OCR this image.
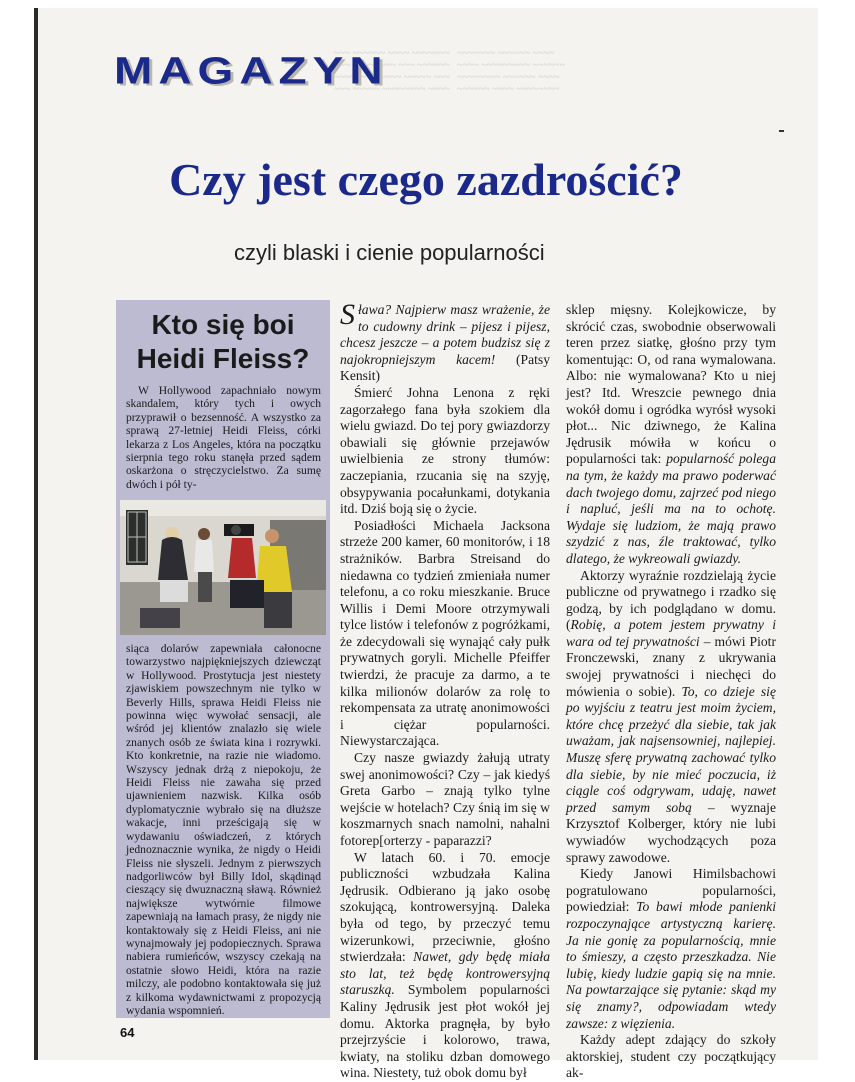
~~~ ~~~~~~ ~~~~ ~~~~~~~   ~~~~~~~ ~~~~~~ ~~~~
~~~ ~~~~~~~~ ~~~ ~~~~~~   ~~~~ ~~~~~~~~~ ~~~~~~
~~~~~~ ~~~~~~ ~~~~~ ~~~   ~~~~~~~~ ~~~~~~ ~~~~
~~~ ~~~~~ ~~~~~~~~ ~~~~   ~~~~~~ ~~~~ ~~~~~~~~
MAGAZYN
Czy jest czego zazdrościć?

czyli blaski i cienie popularności

Kto się boi
Heidi Fleiss?

W Hollywood zapachniało nowym skandalem, który tych i owych przyprawił o bezsenność. A wszystko za sprawą 27-letniej Heidi Fleiss, córki lekarza z Los Angeles, która na początku sierpnia tego roku stanęła przed sądem oskarżona o stręczycielstwo. Za sumę dwóch i pół ty-

siąca dolarów zapewniała całonocne towarzystwo najpiękniejszych dziewcząt w Hollywood. Prostytucja jest niestety zjawiskiem powszechnym nie tylko w Beverly Hills, sprawa Heidi Fleiss nie powinna więc wywołać sensacji, ale wśród jej klientów znalazło się wiele znanych osób ze świata kina i rozrywki. Kto konkretnie, na razie nie wiadomo. Wszyscy jednak drżą z niepokoju, że Heidi Fleiss nie zawaha się przed ujawnieniem nazwisk. Kilka osób dyplomatycznie wybrało się na dłuższe wakacje, inni prześcigają się w wydawaniu oświadczeń, z których jednoznacznie wynika, że nigdy o Heidi Fleiss nie słyszeli. Jednym z pierwszych nadgorliwców był Billy Idol, skądinąd cieszący się dwuznaczną sławą. Również największe wytwórnie filmowe zapewniają na łamach prasy, że nigdy nie kontaktowały się z Heidi Fleiss, ani nie wynajmowały jej podopiecznych. Sprawa nabiera rumieńców, wszyscy czekają na ostatnie słowo Heidi, która na razie milczy, ale podobno kontaktowała się już z kilkoma wydawnictwami z propozycją wydania wspomnień.

S ława? Najpierw masz wrażenie, że to cudowny drink – pijesz i pijesz, chcesz jeszcze – a potem budzisz się z najokropniejszym kacem! (Patsy Kensit)

Śmierć Johna Lenona z ręki zagorzałego fana była szokiem dla wielu gwiazd. Do tej pory gwiazdorzy obawiali się głównie przejawów uwielbienia ze strony tłumów: zaczepiania, rzucania się na szyję, obsypywania pocałunkami, dotykania itd. Dziś boją się o życie.

Posiadłości Michaela Jacksona strzeże 200 kamer, 60 monitorów, i 18 strażników. Barbra Streisand do niedawna co tydzień zmieniała numer telefonu, a co roku mieszkanie. Bruce Willis i Demi Moore otrzymywali tylce listów i telefonów z pogróżkami, że zdecydowali się wynająć cały pułk prywatnych goryli. Michelle Pfeiffer twierdzi, że pracuje za darmo, a te kilka milionów dolarów za rolę to rekompensata za utratę anonimowości i ciężar popularności. Niewystarczająca.

Czy nasze gwiazdy żałują utraty swej anonimowości? Czy – jak kiedyś Greta Garbo – znają tylko tylne wejście w hotelach? Czy śnią im się w koszmarnych snach namolni, nahalni fotorep[orterzy - paparazzi?

W latach 60. i 70. emocje publiczności wzbudzała Kalina Jędrusik. Odbierano ją jako osobę szokującą, kontrowersyjną. Daleka była od tego, by przeczyć temu wizerunkowi, przeciwnie, głośno stwierdzała: Nawet, gdy będę miała sto lat, też będę kontrowersyjną staruszką. Symbolem popularności Kaliny Jędrusik jest płot wokół jej domu. Aktorka pragnęła, by było przejrzyście i kolorowo, trawa, kwiaty, na stoliku dzban domowego wina. Niestety, tuż obok domu był

sklep mięsny. Kolejkowicze, by skrócić czas, swobodnie obserwowali teren przez siatkę, głośno przy tym komentując: O, od rana wymalowana. Albo: nie wymalowana? Kto u niej jest? Itd. Wreszcie pewnego dnia wokół domu i ogródka wyrósł wysoki płot... Nic dziwnego, że Kalina Jędrusik mówiła w końcu o popularności tak: popularność polega na tym, że każdy ma prawo poderwać dach twojego domu, zajrzeć pod niego i napluć, jeśli ma na to ochotę. Wydaje się ludziom, że mają prawo szydzić z nas, źle traktować, tylko dlatego, że wykreowali gwiazdy.

Aktorzy wyraźnie rozdzielają życie publiczne od prywatnego i rzadko się godzą, by ich podglądano w domu. (Robię, a potem jestem prywatny i wara od tej prywatności – mówi Piotr Fronczewski, znany z ukrywania swojej prywatności i niechęci do mówienia o sobie). To, co dzieje się po wyjściu z teatru jest moim życiem, które chcę przeżyć dla siebie, tak jak uważam, jak najsensowniej, najlepiej. Muszę sferę prywatną zachować tylko dla siebie, by nie mieć poczucia, iż ciągle coś odgrywam, udaję, nawet przed samym sobą – wyznaje Krzysztof Kolberger, który nie lubi wywiadów wychodzących poza sprawy zawodowe.

Kiedy Janowi Himilsbachowi pogratulowano popularności, powiedział: To bawi młode panienki rozpoczynające artystyczną karierę. Ja nie gonię za popularnością, mnie to śmieszy, a często przeszkadza. Nie lubię, kiedy ludzie gapią się na mnie. Na powtarzające się pytanie: skąd my się znamy?, odpowiadam wtedy zawsze: z więzienia.

Każdy adept zdający do szkoły aktorskiej, student czy początkujący ak-

64
